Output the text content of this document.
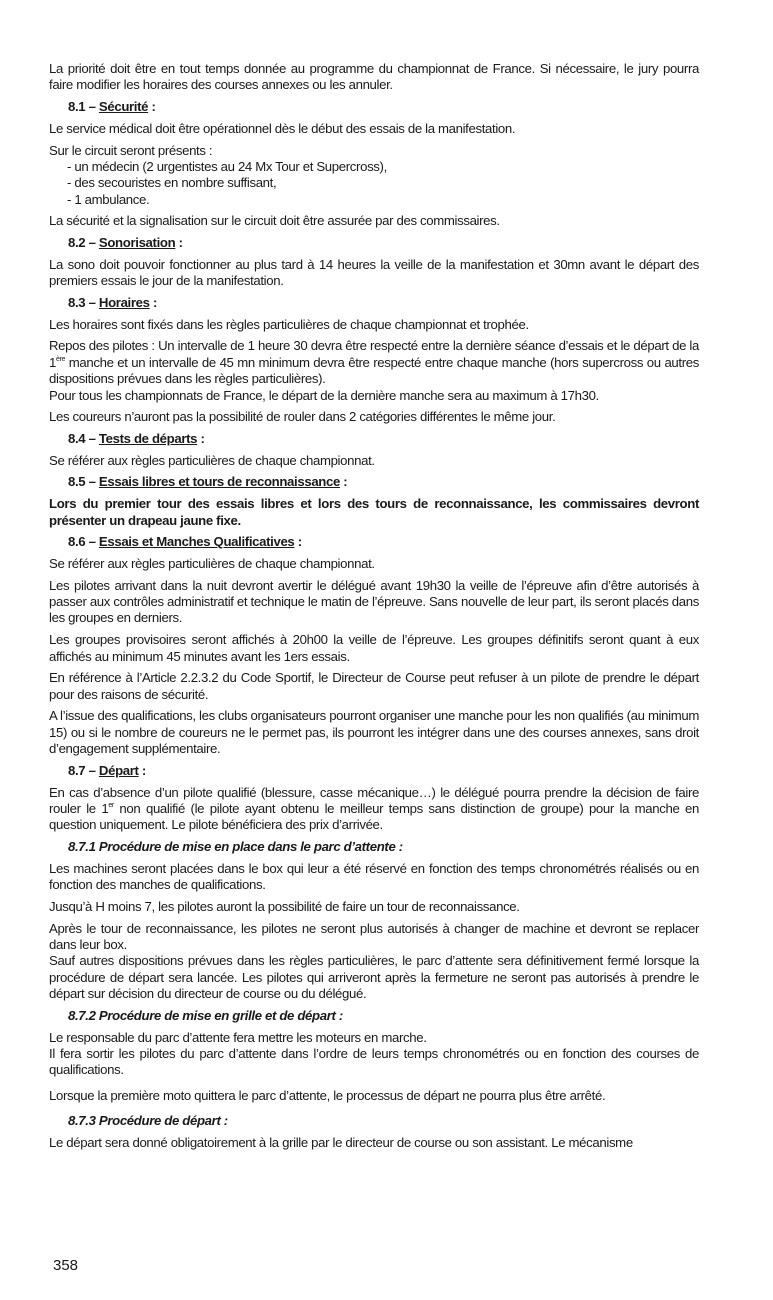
La priorité doit être en tout temps donnée au programme du championnat de France. Si nécessaire, le jury pourra faire modifier les horaires des courses annexes ou les annuler.

8.1 – Sécurité :

Le service médical doit être opérationnel dès le début des essais de la manifestation.

Sur le circuit seront présents :

- un médecin (2 urgentistes au 24 Mx Tour et Supercross),
- des secouristes en nombre suffisant,
- 1 ambulance.

La sécurité et la signalisation sur le circuit doit être assurée par des commissaires.

8.2 – Sonorisation :

La sono doit pouvoir fonctionner au plus tard à 14 heures la veille de la manifestation et 30mn avant le départ des premiers essais le jour de la manifestation.

8.3 – Horaires :

Les horaires sont fixés dans les règles particulières de chaque championnat et trophée.

Repos des pilotes : Un intervalle de 1 heure 30 devra être respecté entre la dernière séance d’essais et le départ de la 1ère manche et un intervalle de 45 mn minimum devra être respecté entre chaque manche (hors supercross ou autres dispositions prévues dans les règles particulières).

Pour tous les championnats de France, le départ de la dernière manche sera au maximum à 17h30.

Les coureurs n’auront pas la possibilité de rouler dans 2 catégories différentes le même jour.

8.4 – Tests de départs :

Se référer aux règles particulières de chaque championnat.

8.5 – Essais libres et tours de reconnaissance :

Lors du premier tour des essais libres et lors des tours de reconnaissance, les commissaires devront présenter un drapeau jaune fixe.

8.6 – Essais et Manches Qualificatives :

Se référer aux règles particulières de chaque championnat.

Les pilotes arrivant dans la nuit devront avertir le délégué avant 19h30 la veille de l’épreuve afin d’être autorisés à passer aux contrôles administratif et technique le matin de l’épreuve. Sans nouvelle de leur part, ils seront placés dans les groupes en derniers.

Les groupes provisoires seront affichés à 20h00 la veille de l’épreuve. Les groupes définitifs seront quant à eux affichés au minimum 45 minutes avant les 1ers essais.

En référence à l’Article 2.2.3.2 du Code Sportif, le Directeur de Course peut refuser à un pilote de prendre le départ pour des raisons de sécurité.

A l’issue des qualifications, les clubs organisateurs pourront organiser une manche pour les non qualifiés (au minimum 15) ou si le nombre de coureurs ne le permet pas, ils pourront les intégrer dans une des courses annexes, sans droit d’engagement supplémentaire.

8.7 – Départ :

En cas d’absence d’un pilote qualifié (blessure, casse mécanique…) le délégué pourra prendre la décision de faire rouler le 1er non qualifié (le pilote ayant obtenu le meilleur temps sans distinction de groupe) pour la manche en question uniquement. Le pilote bénéficiera des prix d’arrivée.

8.7.1 Procédure de mise en place dans le parc d’attente :

Les machines seront placées dans le box qui leur a été réservé en fonction des temps chronométrés réalisés ou en fonction des manches de qualifications.

Jusqu’à H moins 7, les pilotes auront la possibilité de faire un tour de reconnaissance.

Après le tour de reconnaissance, les pilotes ne seront plus autorisés à changer de machine et devront se replacer dans leur box.

Sauf autres dispositions prévues dans les règles particulières, le parc d’attente sera définitivement fermé lorsque la procédure de départ sera lancée. Les pilotes qui arriveront après la fermeture ne seront pas autorisés à prendre le départ sur décision du directeur de course ou du délégué.

8.7.2 Procédure de mise en grille et de départ :

Le responsable du parc d’attente fera mettre les moteurs en marche.

Il fera sortir les pilotes du parc d’attente dans l’ordre de leurs temps chronométrés ou en fonction des courses de qualifications.

Lorsque la première moto quittera le parc d’attente, le processus de départ ne pourra plus être arrêté.

8.7.3 Procédure de départ :

Le départ sera donné obligatoirement à la grille par le directeur de course ou son assistant. Le mécanisme

358
